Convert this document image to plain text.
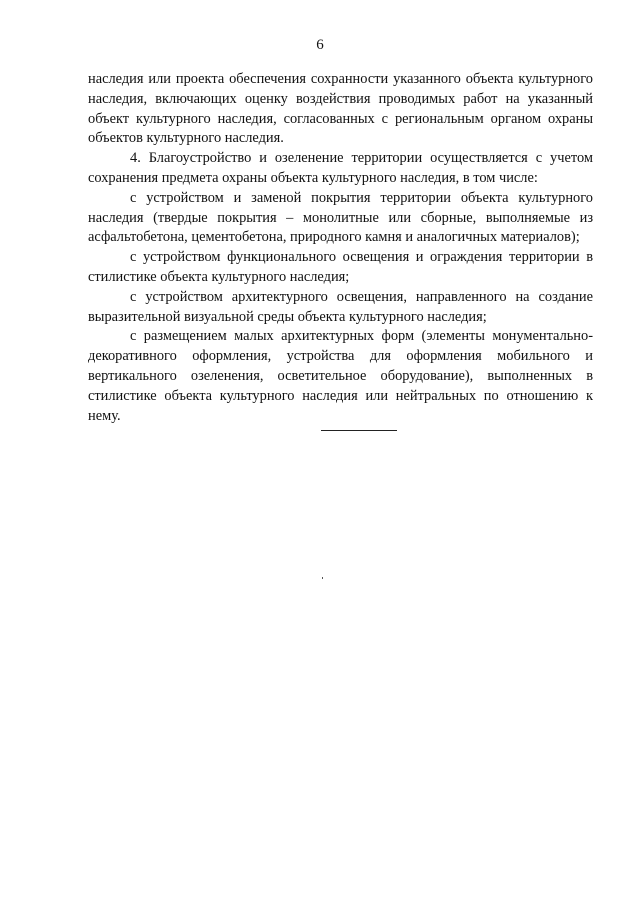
6

наследия или проекта обеспечения сохранности указанного объекта культурного наследия, включающих оценку воздействия проводимых работ на указанный объект культурного наследия, согласованных с региональным органом охраны объектов культурного наследия.

4. Благоустройство и озеленение территории осуществляется с учетом сохранения предмета охраны объекта культурного наследия, в том числе:

с устройством и заменой покрытия территории объекта культурного наследия (твердые покрытия – монолитные или сборные, выполняемые из асфальтобетона, цементобетона, природного камня и аналогичных материалов);

с устройством функционального освещения и ограждения территории в стилистике объекта культурного наследия;

с устройством архитектурного освещения, направленного на создание выразительной визуальной среды объекта культурного наследия;

с размещением малых архитектурных форм (элементы монументально-декоративного оформления, устройства для оформления мобильного и вертикального озеленения, осветительное оборудование), выполненных в стилистике объекта культурного наследия или нейтральных по отношению к нему.
